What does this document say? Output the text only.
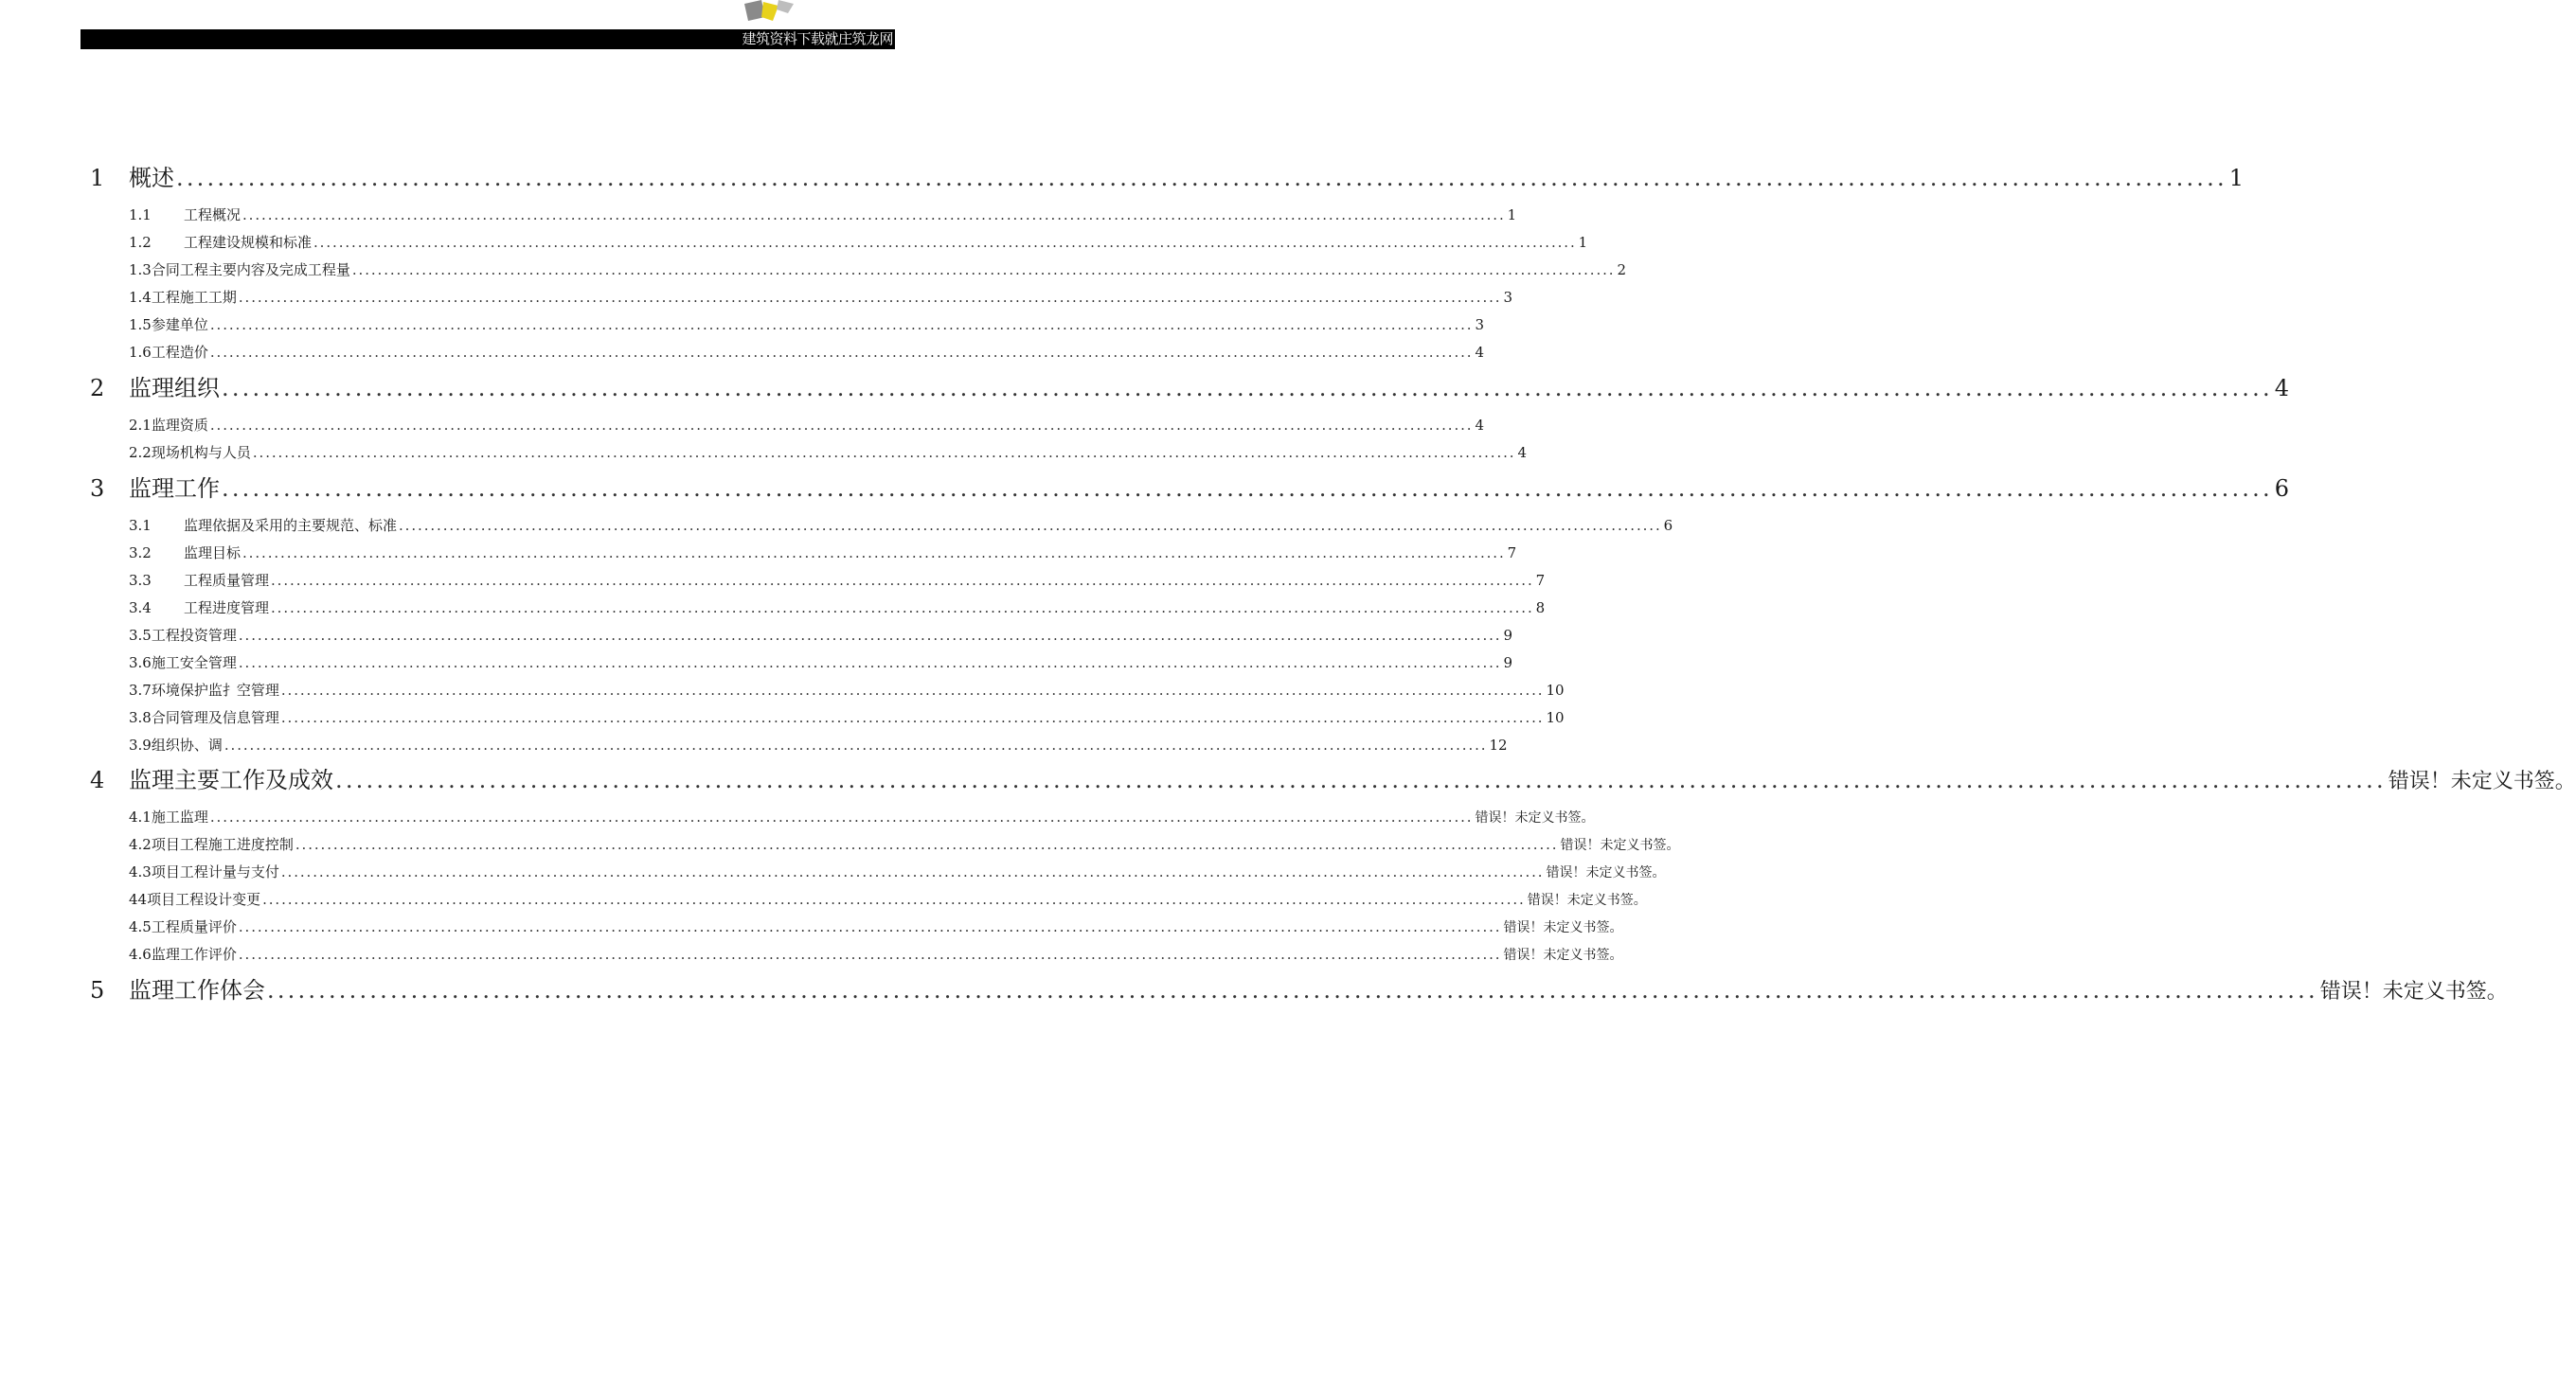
建筑资料下载就庄筑龙网
1	概述 ........................................................................................................................................................................................................ 1
1.1	工程概况 ........................................................................................................................................................................................................ 1
1.2	工程建设规模和标准 ........................................................................................................................................................................................................ 1
1.3合同工程主要内容及完成工程量 ........................................................................................................................................................................................................ 2
1.4工程施工工期 ........................................................................................................................................................................................................ 3
1.5参建单位 ........................................................................................................................................................................................................ 3
1.6工程造价 ........................................................................................................................................................................................................ 4
2	监理组织 ........................................................................................................................................................................................................ 4
2.1监理资质 ........................................................................................................................................................................................................ 4
2.2现场机构与人员 ........................................................................................................................................................................................................ 4
3	监理工作 ........................................................................................................................................................................................................ 6
3.1	监理依据及采用的主要规范、标准 ........................................................................................................................................................................................................ 6
3.2	监理目标 ........................................................................................................................................................................................................ 7
3.3	工程质量管理 ........................................................................................................................................................................................................ 7
3.4	工程进度管理 ........................................................................................................................................................................................................ 8
3.5工程投资管理 ........................................................................................................................................................................................................ 9
3.6施工安全管理 ........................................................................................................................................................................................................ 9
3.7环境保护监扌空管理 ........................................................................................................................................................................................................ 10
3.8合同管理及信息管理 ........................................................................................................................................................................................................ 10
3.9组织协、调 ........................................................................................................................................................................................................ 12
4	监理主要工作及成效 ........................................................................................................................................................................................................ 错误！未定义书签。
4.1施工监理 ........................................................................................................................................................................................................ 错误！未定义书签。
4.2项目工程施工进度控制 ........................................................................................................................................................................................................ 错误！未定义书签。
4.3项目工程计量与支付 ........................................................................................................................................................................................................ 错误！未定义书签。
44项目工程设计变更 ........................................................................................................................................................................................................ 错误！未定义书签。
4.5工程质量评价 ........................................................................................................................................................................................................ 错误！未定义书签。
4.6监理工作评价 ........................................................................................................................................................................................................ 错误！未定义书签。
5	监理工作体会 ........................................................................................................................................................................................................ 错误！未定义书签。
